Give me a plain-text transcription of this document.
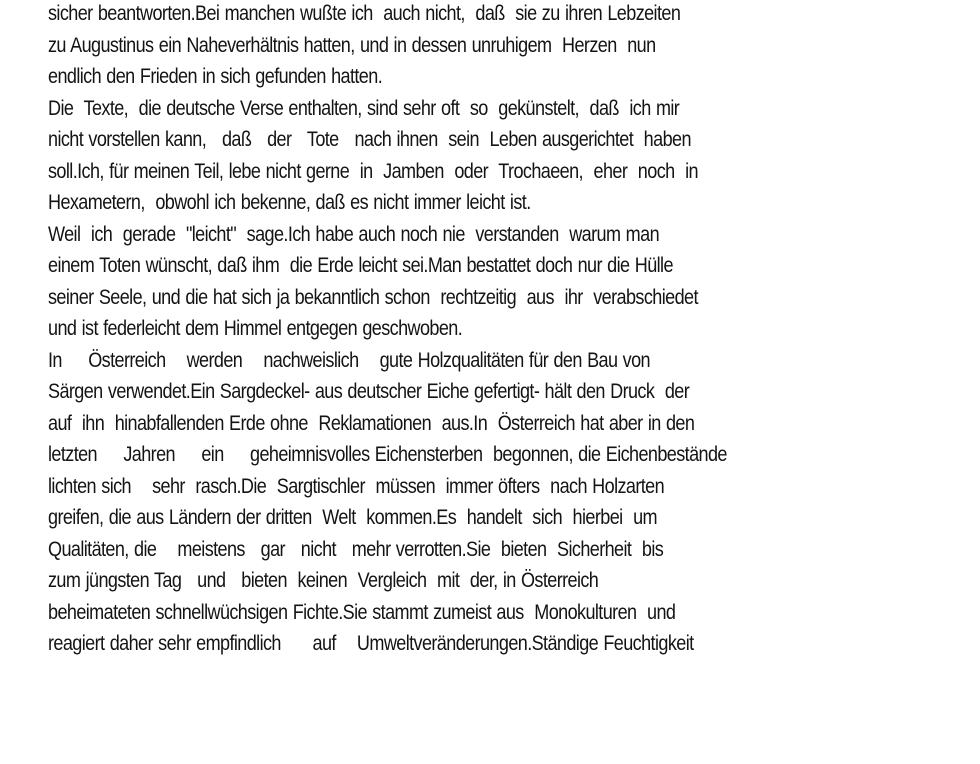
sicher beantworten.Bei manchen wußte ich  auch nicht,  daß  sie zu ihren Lebzeiten
zu Augustinus ein Naheverhältnis hatten, und in dessen unruhigem  Herzen  nun
endlich den Frieden in sich gefunden hatten.
Die  Texte,  die deutsche Verse enthalten, sind sehr oft  so  gekünstelt,  daß  ich mir
nicht vorstellen kann,   daß   der   Tote   nach ihnen  sein  Leben ausgerichtet  haben
soll.Ich, für meinen Teil, lebe nicht gerne  in  Jamben  oder  Trochaeen,  eher  noch  in
Hexametern,  obwohl ich bekenne, daß es nicht immer leicht ist.
Weil  ich  gerade  "leicht"  sage.Ich habe auch noch nie  verstanden  warum man
einem Toten wünscht, daß ihm  die Erde leicht sei.Man bestattet doch nur die Hülle
seiner Seele, und die hat sich ja bekanntlich schon  rechtzeitig  aus  ihr  verabschiedet
und ist federleicht dem Himmel entgegen geschwoben.
In     Österreich    werden    nachweislich    gute Holzqualitäten für den Bau von
Särgen verwendet.Ein Sargdeckel- aus deutscher Eiche gefertigt- hält den Druck  der
auf  ihn  hinabfallenden Erde ohne  Reklamationen  aus.In  Österreich hat aber in den
letzten     Jahren     ein     geheimnisvolles Eichensterben  begonnen, die Eichenbestände
lichten sich    sehr  rasch.Die  Sargtischler  müssen  immer öfters  nach Holzarten
greifen, die aus Ländern der dritten  Welt  kommen.Es  handelt  sich  hierbei  um
Qualitäten, die    meistens   gar   nicht   mehr verrotten.Sie  bieten  Sicherheit  bis
zum jüngsten Tag   und   bieten  keinen  Vergleich  mit  der, in Österreich
beheimateten schnellwüchsigen Fichte.Sie stammt zumeist aus  Monokulturen  und
reagiert daher sehr empfindlich      auf    Umweltveränderungen.Ständige Feuchtigkeit
